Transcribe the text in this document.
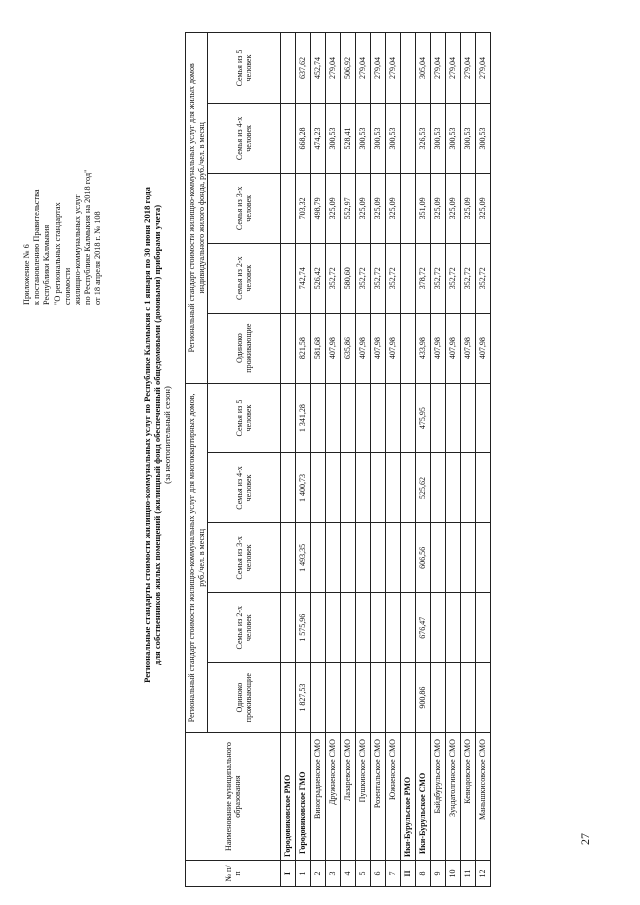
Приложение № 6 к постановлению Правительства Республики Калмыкия "О региональных стандартах стоимости жилищно-коммунальных услуг по Республике Калмыкия на 2018 год" от 18 апреля 2018 г. № 108	Региональные стандарты стоимости жилищно-коммунальных услуг по Республике Калмыкия с 1 января по 30 июня 2018 года для собственников жилых помещений (жилищный фонд обеспеченный общедомовыми (домовыми) приборами учета) (за неотопительный сезон)
№ п/п	Наименование муниципального образования	Региональный стандарт стоимости жилищно-коммунальных услуг для многоквартирных домов, руб./чел. в месяц					Региональный стандарт стоимости жилищно-коммунальных услуг для жилых домов индивидуального жилого фонда, руб./чел. в месяц				
		Одиноко проживающие	Семья из 2-х человек	Семья из 3-х человек	Семья из 4-х человек	Семья из 5 человек	Одиноко проживающие	Семья из 2-х человек	Семья из 3-х человек	Семья из 4-х человек	Семья из 5 человек
I	Городовиковское РМО										
1	Городовиковское ГМО	1 827,53	1 575,96	1 493,35	1 400,73	1 341,28	821,58	742,74	703,32	668,28	637,62
2	Виноградненское СМО						581,68	526,42	498,79	474,23	452,74
3	Дружненское СМО						407,98	352,72	325,09	300,53	279,04
4	Лазаревское СМО						635,86	580,60	552,97	528,41	506,92
5	Пушкинское СМО						407,98	352,72	325,09	300,53	279,04
6	Розентальское СМО						407,98	352,72	325,09	300,53	279,04
7	Южненское СМО						407,98	352,72	325,09	300,53	279,04
II	Ики-Бурульское РМО										
8	Ики-Бурульское СМО	900,86	676,47	606,56	525,62	475,95	433,98	378,72	351,09	326,53	305,04
9	Байдбурульское СМО						407,98	352,72	325,09	300,53	279,04
10	Зундатолгинское СМО						407,98	352,72	325,09	300,53	279,04
11	Кевюдовское СМО						407,98	352,72	325,09	300,53	279,04
12	Манышкисовское СМО						407,98	352,72	325,09	300,53	279,04
27
